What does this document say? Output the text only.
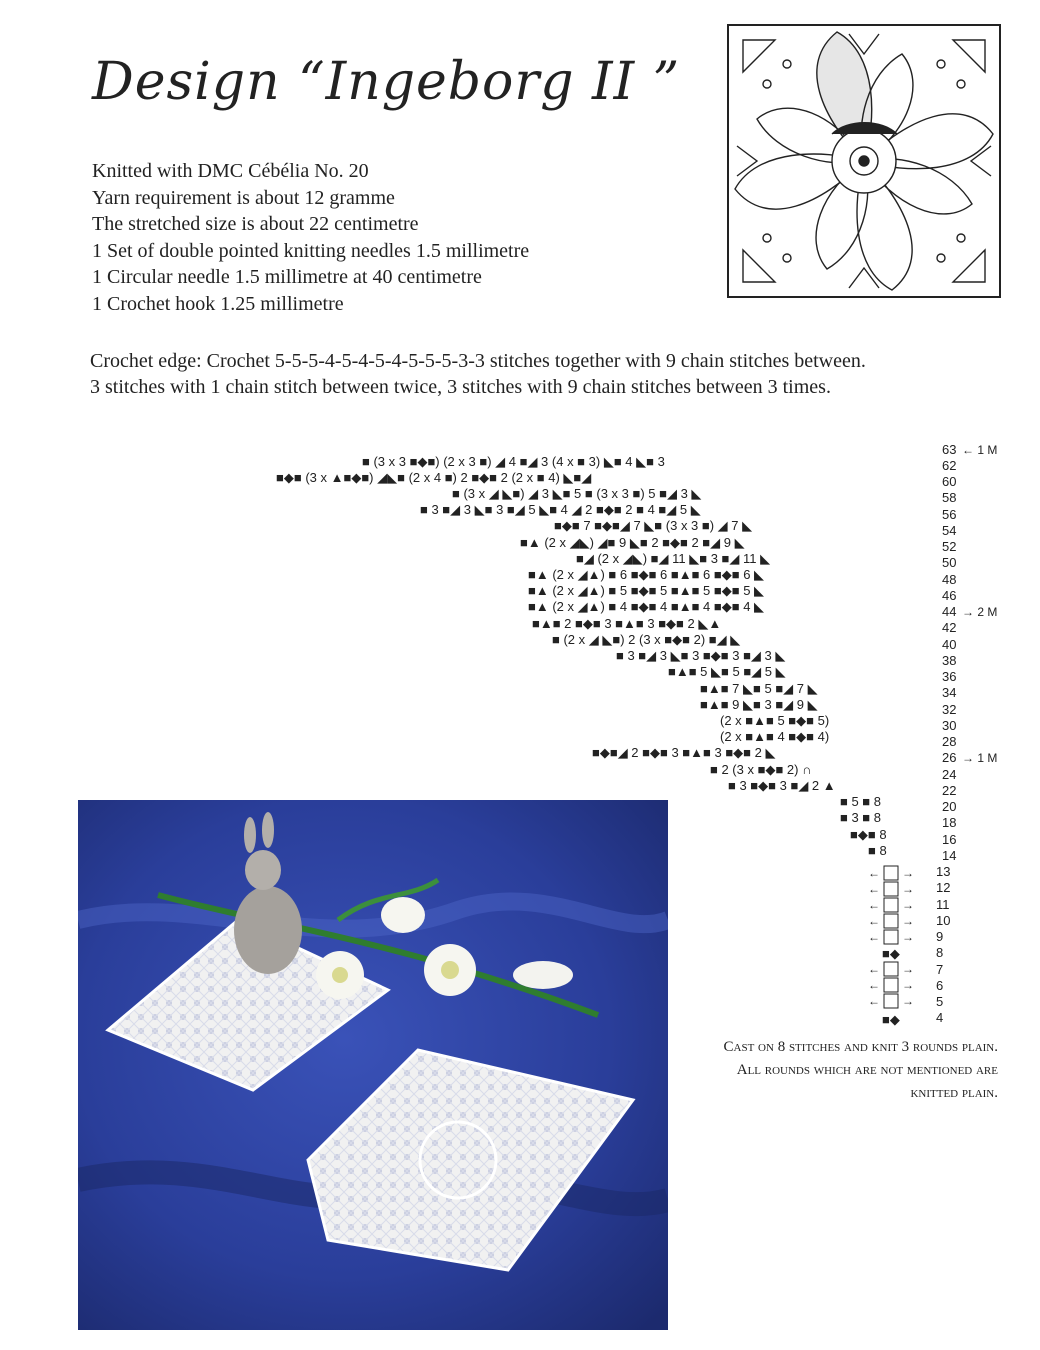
Design “Ingeborg II ”
Knitted with DMC Cébélia No. 20
Yarn requirement is about 12 gramme
The stretched size is about 22 centimetre
1 Set of double pointed knitting needles 1.5 millimetre
1 Circular needle 1.5 millimetre at 40 centimetre
1 Crochet hook 1.25 millimetre

Crochet edge: Crochet 5-5-5-4-5-4-5-4-5-5-5-3-3 stitches together with 9 chain stitches between.
3 stitches with 1 chain stitch between twice, 3 stitches with 9 chain stitches between 3 times.

■ (3 x 3 ■◆■) (2 x 3 ■) ◢ 4 ■◢ 3 (4 x ■ 3) ◣■ 4 ◣■ 3
■◆■ (3 x ▲■◆■) ◢◣■ (2 x 4 ■) 2 ■◆■ 2 (2 x ■ 4) ◣■◢
■ (3 x ◢ ◣■) ◢ 3 ◣■ 5 ■ (3 x 3 ■) 5 ■◢ 3 ◣
■ 3 ■◢ 3 ◣■ 3 ■◢ 5 ◣■ 4 ◢ 2 ■◆■ 2 ■ 4 ■◢ 5 ◣
■◆■ 7 ■◆■◢ 7 ◣■ (3 x 3 ■) ◢ 7 ◣
■▲ (2 x ◢◣) ◢■ 9 ◣■ 2 ■◆■ 2 ■◢ 9 ◣
■◢ (2 x ◢◣) ■◢ 11 ◣■ 3 ■◢ 11 ◣
■▲ (2 x ◢▲) ■ 6 ■◆■ 6 ■▲■ 6 ■◆■ 6 ◣
■▲ (2 x ◢▲) ■ 5 ■◆■ 5 ■▲■ 5 ■◆■ 5 ◣
■▲ (2 x ◢▲) ■ 4 ■◆■ 4 ■▲■ 4 ■◆■ 4 ◣
■▲■ 2 ■◆■ 3 ■▲■ 3 ■◆■ 2 ◣▲
■ (2 x ◢ ◣■) 2 (3 x ■◆■ 2) ■◢ ◣
■ 3 ■◢ 3 ◣■ 3 ■◆■ 3 ■◢ 3 ◣
■▲■ 5 ◣■ 5 ■◢ 5 ◣
■▲■ 7 ◣■ 5 ■◢ 7 ◣
■▲■ 9 ◣■ 3 ■◢ 9 ◣
(2 x ■▲■ 5 ■◆■ 5)
(2 x ■▲■ 4 ■◆■ 4)
■◆■◢ 2 ■◆■ 3 ■▲■ 3 ■◆■ 2 ◣
■ 2 (3 x ■◆■ 2) ∩
■ 3 ■◆■ 3 ■◢ 2 ▲
■ 5 ■ 8
■ 3 ■ 8
■◆■ 8
■ 8
63
62
60
58
56
54
52
50
48
46
44
42
40
38
36
34
32
30
28
26
24
22
20
18
16
14
13
12
11
10
9
8
7
6
5
4
← 1 M
→ 2 M
→ 1 M
← →
← →
← →
← →
← →
← →
← →
← →
■◆
■◆

Cast on 8 stitches and knit 3 rounds plain.
All rounds which are not mentioned are
knitted plain.
